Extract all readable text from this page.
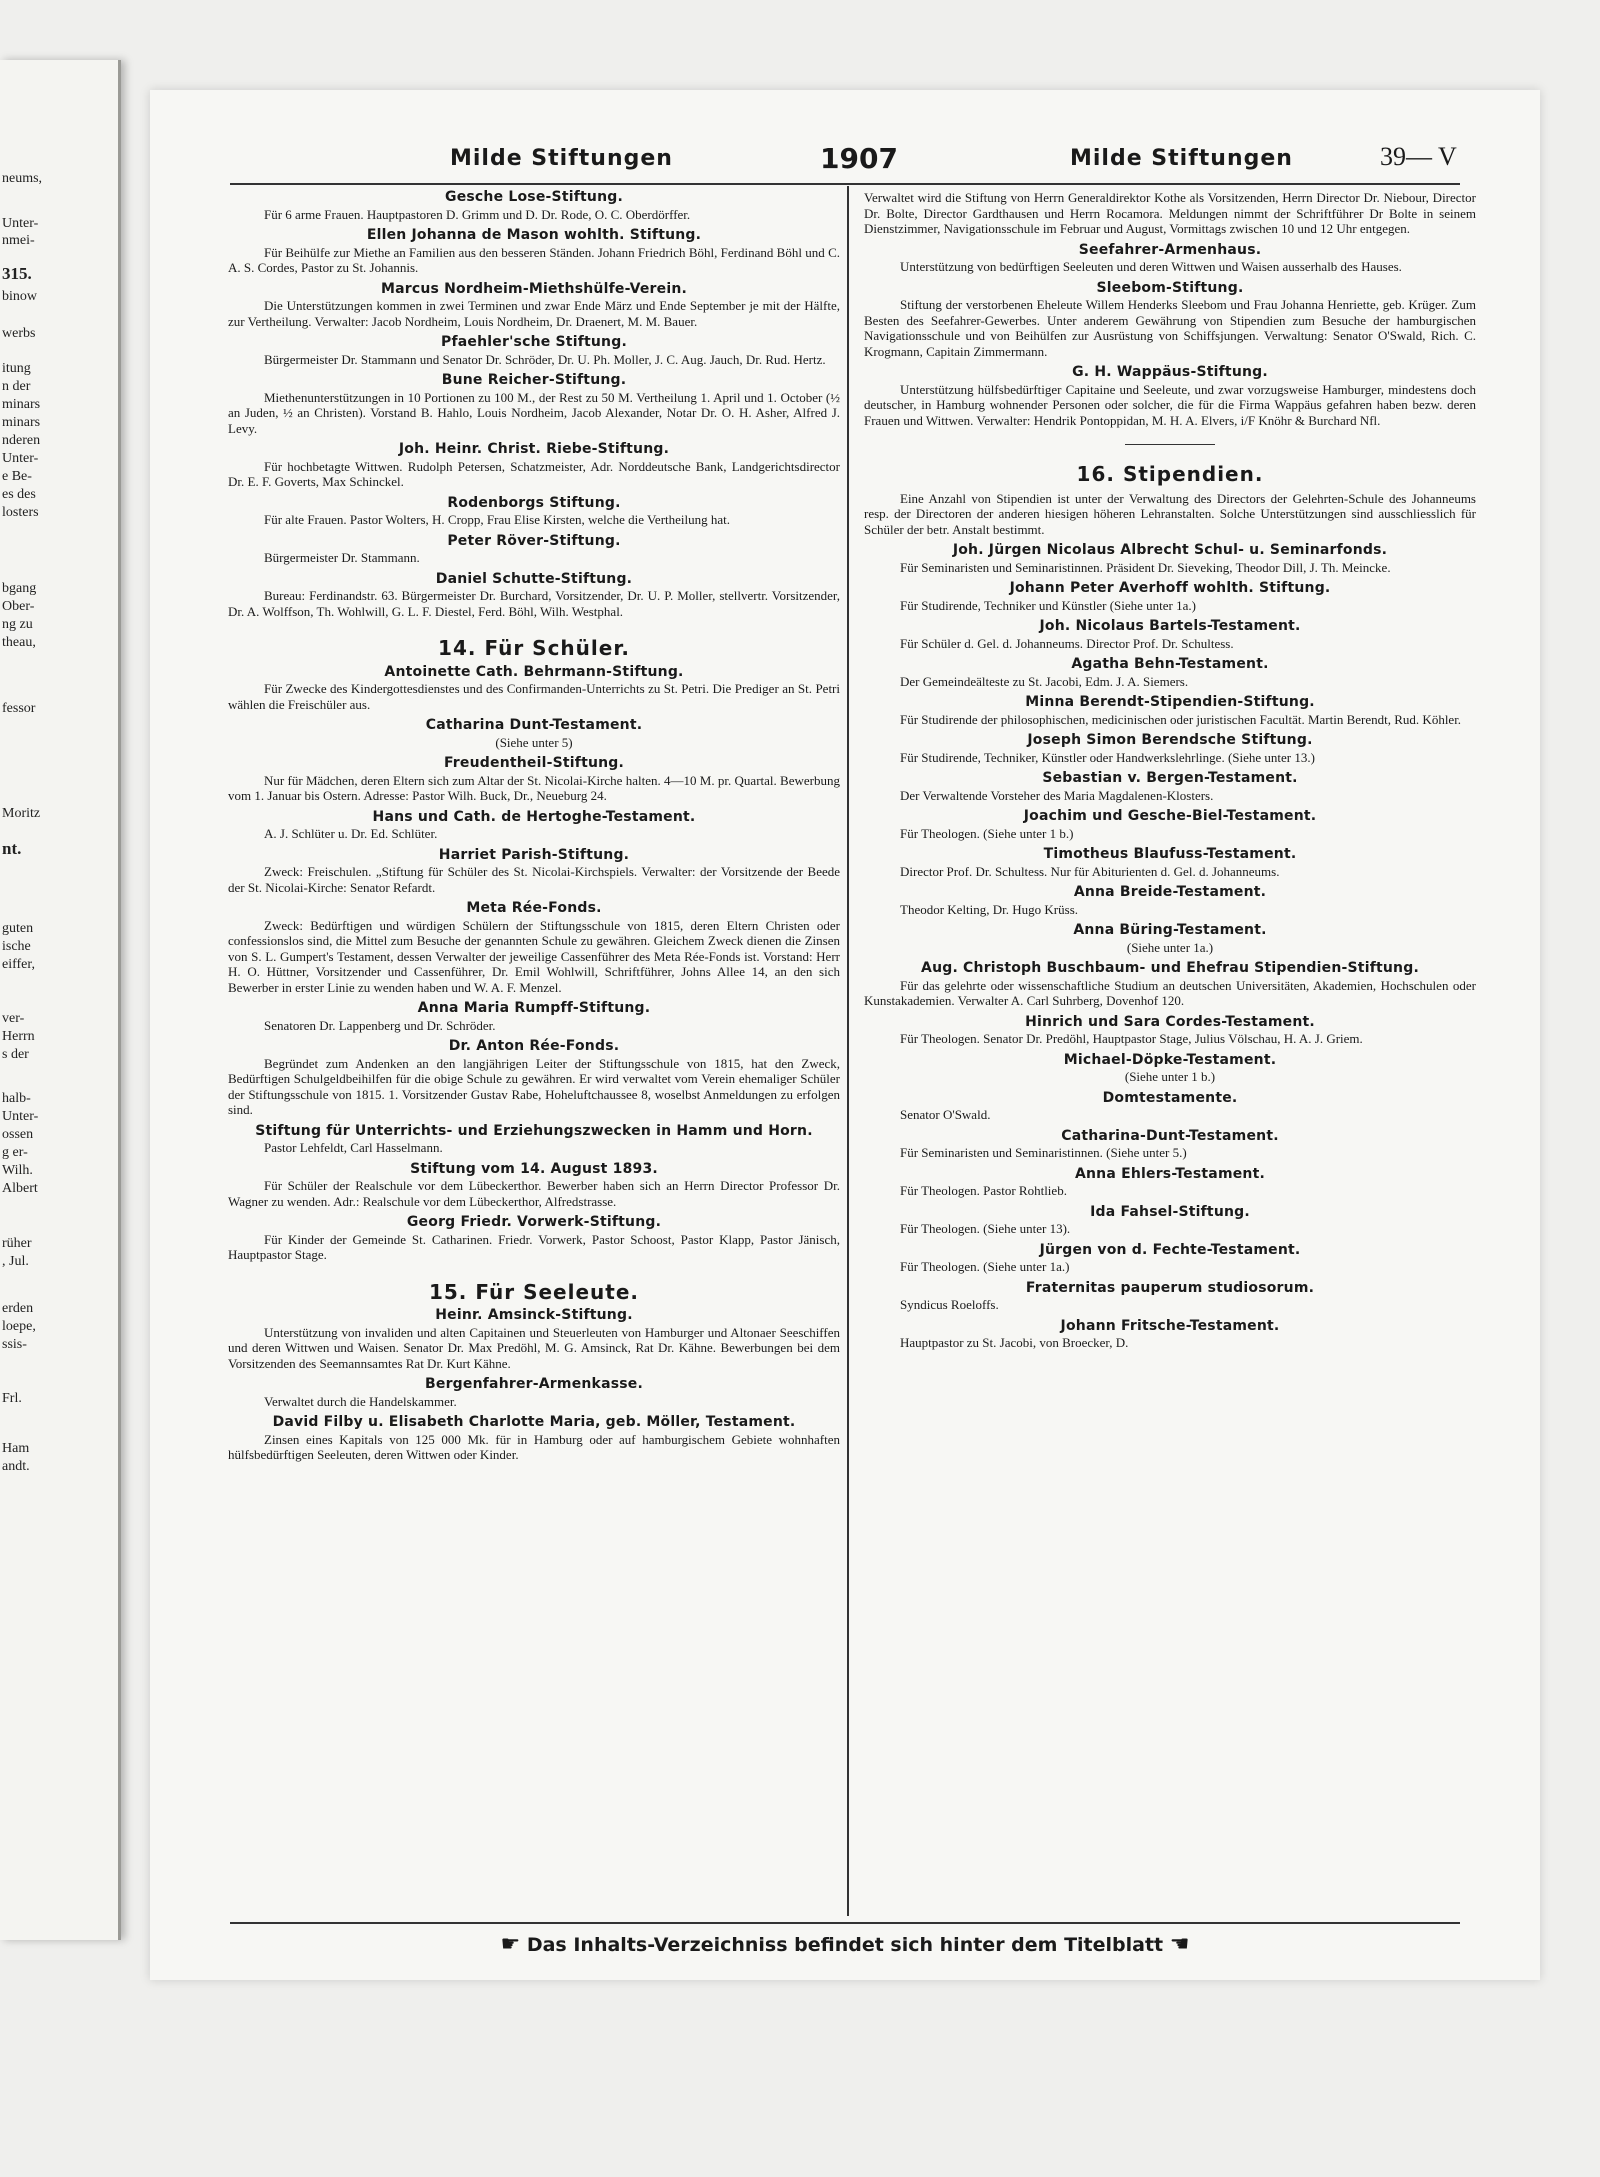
neums,
Unter-
nmei-
315.
binow
werbs
itung
n der
minars
minars
nderen
Unter-
e Be-
es des
losters
bgang
Ober-
ng zu
theau,
fessor
Moritz
nt.
guten
ische
eiffer,
ver-
Herrn
s der
halb-
Unter-
ossen
g er-
Wilh.
Albert
rüher
, Jul.
erden
loepe,
ssis-
Frl.
Ham
andt.
Milde Stiftungen	1907	Milde Stiftungen	39— V
Gesche Lose-Stiftung.

Für 6 arme Frauen. Hauptpastoren D. Grimm und D. Dr. Rode, O. C. Oberdörffer.

Ellen Johanna de Mason wohlth. Stiftung.

Für Beihülfe zur Miethe an Familien aus den besseren Ständen. Johann Friedrich Böhl, Ferdinand Böhl und C. A. S. Cordes, Pastor zu St. Johannis.

Marcus Nordheim-Miethshülfe-Verein.

Die Unterstützungen kommen in zwei Terminen und zwar Ende März und Ende September je mit der Hälfte, zur Vertheilung. Verwalter: Jacob Nordheim, Louis Nordheim, Dr. Draenert, M. M. Bauer.

Pfaehler'sche Stiftung.

Bürgermeister Dr. Stammann und Senator Dr. Schröder, Dr. U. Ph. Moller, J. C. Aug. Jauch, Dr. Rud. Hertz.

Bune Reicher-Stiftung.

Miethenunterstützungen in 10 Portionen zu 100 M., der Rest zu 50 M. Vertheilung 1. April und 1. October (½ an Juden, ½ an Christen). Vorstand B. Hahlo, Louis Nordheim, Jacob Alexander, Notar Dr. O. H. Asher, Alfred J. Levy.

Joh. Heinr. Christ. Riebe-Stiftung.

Für hochbetagte Wittwen. Rudolph Petersen, Schatzmeister, Adr. Norddeutsche Bank, Landgerichtsdirector Dr. E. F. Goverts, Max Schinckel.

Rodenborgs Stiftung.

Für alte Frauen. Pastor Wolters, H. Cropp, Frau Elise Kirsten, welche die Vertheilung hat.

Peter Röver-Stiftung.

Bürgermeister Dr. Stammann.

Daniel Schutte-Stiftung.

Bureau: Ferdinandstr. 63. Bürgermeister Dr. Burchard, Vorsitzender, Dr. U. P. Moller, stellvertr. Vorsitzender, Dr. A. Wolffson, Th. Wohlwill, G. L. F. Diestel, Ferd. Böhl, Wilh. Westphal.

14. Für Schüler.
Antoinette Cath. Behrmann-Stiftung.

Für Zwecke des Kindergottesdienstes und des Confirmanden-Unterrichts zu St. Petri. Die Prediger an St. Petri wählen die Freischüler aus.

Catharina Dunt-Testament.

(Siehe unter 5)

Freudentheil-Stiftung.

Nur für Mädchen, deren Eltern sich zum Altar der St. Nicolai-Kirche halten. 4—10 M. pr. Quartal. Bewerbung vom 1. Januar bis Ostern. Adresse: Pastor Wilh. Buck, Dr., Neueburg 24.

Hans und Cath. de Hertoghe-Testament.

A. J. Schlüter u. Dr. Ed. Schlüter.

Harriet Parish-Stiftung.

Zweck: Freischulen. „Stiftung für Schüler des St. Nicolai-Kirchspiels. Verwalter: der Vorsitzende der Beede der St. Nicolai-Kirche: Senator Refardt.

Meta Rée-Fonds.

Zweck: Bedürftigen und würdigen Schülern der Stiftungsschule von 1815, deren Eltern Christen oder confessionslos sind, die Mittel zum Besuche der genannten Schule zu gewähren. Gleichem Zweck dienen die Zinsen von S. L. Gumpert's Testament, dessen Verwalter der jeweilige Cassenführer des Meta Rée-Fonds ist. Vorstand: Herr H. O. Hüttner, Vorsitzender und Cassenführer, Dr. Emil Wohlwill, Schriftführer, Johns Allee 14, an den sich Bewerber in erster Linie zu wenden haben und W. A. F. Menzel.

Anna Maria Rumpff-Stiftung.

Senatoren Dr. Lappenberg und Dr. Schröder.

Dr. Anton Rée-Fonds.

Begründet zum Andenken an den langjährigen Leiter der Stiftungsschule von 1815, hat den Zweck, Bedürftigen Schulgeldbeihilfen für die obige Schule zu gewähren. Er wird verwaltet vom Verein ehemaliger Schüler der Stiftungsschule von 1815. 1. Vorsitzender Gustav Rabe, Hoheluftchaussee 8, woselbst Anmeldungen zu erfolgen sind.

Stiftung für Unterrichts- und Erziehungszwecken in Hamm und Horn.

Pastor Lehfeldt, Carl Hasselmann.

Stiftung vom 14. August 1893.

Für Schüler der Realschule vor dem Lübeckerthor. Bewerber haben sich an Herrn Director Professor Dr. Wagner zu wenden. Adr.: Realschule vor dem Lübeckerthor, Alfredstrasse.

Georg Friedr. Vorwerk-Stiftung.

Für Kinder der Gemeinde St. Catharinen. Friedr. Vorwerk, Pastor Schoost, Pastor Klapp, Pastor Jänisch, Hauptpastor Stage.

15. Für Seeleute.
Heinr. Amsinck-Stiftung.

Unterstützung von invaliden und alten Capitainen und Steuerleuten von Hamburger und Altonaer Seeschiffen und deren Wittwen und Waisen. Senator Dr. Max Predöhl, M. G. Amsinck, Rat Dr. Kähne. Bewerbungen bei dem Vorsitzenden des Seemannsamtes Rat Dr. Kurt Kähne.

Bergenfahrer-Armenkasse.

Verwaltet durch die Handelskammer.

David Filby u. Elisabeth Charlotte Maria, geb. Möller, Testament.

Zinsen eines Kapitals von 125 000 Mk. für in Hamburg oder auf hamburgischem Gebiete wohnhaften hülfsbedürftigen Seeleuten, deren Wittwen oder Kinder.

Verwaltet wird die Stiftung von Herrn Generaldirektor Kothe als Vorsitzenden, Herrn Director Dr. Niebour, Director Dr. Bolte, Director Gardthausen und Herrn Rocamora. Meldungen nimmt der Schriftführer Dr Bolte in seinem Dienstzimmer, Navigationsschule im Februar und August, Vormittags zwischen 10 und 12 Uhr entgegen.

Seefahrer-Armenhaus.

Unterstützung von bedürftigen Seeleuten und deren Wittwen und Waisen ausserhalb des Hauses.

Sleebom-Stiftung.

Stiftung der verstorbenen Eheleute Willem Henderks Sleebom und Frau Johanna Henriette, geb. Krüger. Zum Besten des Seefahrer-Gewerbes. Unter anderem Gewährung von Stipendien zum Besuche der hamburgischen Navigationsschule und von Beihülfen zur Ausrüstung von Schiffsjungen. Verwaltung: Senator O'Swald, Rich. C. Krogmann, Capitain Zimmermann.

G. H. Wappäus-Stiftung.

Unterstützung hülfsbedürftiger Capitaine und Seeleute, und zwar vorzugsweise Hamburger, mindestens doch deutscher, in Hamburg wohnender Personen oder solcher, die für die Firma Wappäus gefahren haben bezw. deren Frauen und Wittwen. Verwalter: Hendrik Pontoppidan, M. H. A. Elvers, i/F Knöhr & Burchard Nfl.

16. Stipendien.

Eine Anzahl von Stipendien ist unter der Verwaltung des Directors der Gelehrten-Schule des Johanneums resp. der Directoren der anderen hiesigen höheren Lehranstalten. Solche Unterstützungen sind ausschliesslich für Schüler der betr. Anstalt bestimmt.

Joh. Jürgen Nicolaus Albrecht Schul- u. Seminarfonds.

Für Seminaristen und Seminaristinnen. Präsident Dr. Sieveking, Theodor Dill, J. Th. Meincke.

Johann Peter Averhoff wohlth. Stiftung.

Für Studirende, Techniker und Künstler (Siehe unter 1a.)

Joh. Nicolaus Bartels-Testament.

Für Schüler d. Gel. d. Johanneums. Director Prof. Dr. Schultess.

Agatha Behn-Testament.

Der Gemeindeälteste zu St. Jacobi, Edm. J. A. Siemers.

Minna Berendt-Stipendien-Stiftung.

Für Studirende der philosophischen, medicinischen oder juristischen Facultät. Martin Berendt, Rud. Köhler.

Joseph Simon Berendsche Stiftung.

Für Studirende, Techniker, Künstler oder Handwerkslehrlinge. (Siehe unter 13.)

Sebastian v. Bergen-Testament.

Der Verwaltende Vorsteher des Maria Magdalenen-Klosters.

Joachim und Gesche-Biel-Testament.

Für Theologen. (Siehe unter 1 b.)

Timotheus Blaufuss-Testament.

Director Prof. Dr. Schultess. Nur für Abiturienten d. Gel. d. Johanneums.

Anna Breide-Testament.

Theodor Kelting, Dr. Hugo Krüss.

Anna Büring-Testament.

(Siehe unter 1a.)

Aug. Christoph Buschbaum- und Ehefrau Stipendien-Stiftung.

Für das gelehrte oder wissenschaftliche Studium an deutschen Universitäten, Akademien, Hochschulen oder Kunstakademien. Verwalter A. Carl Suhrberg, Dovenhof 120.

Hinrich und Sara Cordes-Testament.

Für Theologen. Senator Dr. Predöhl, Hauptpastor Stage, Julius Völschau, H. A. J. Griem.

Michael-Döpke-Testament.

(Siehe unter 1 b.)

Domtestamente.

Senator O'Swald.

Catharina-Dunt-Testament.

Für Seminaristen und Seminaristinnen. (Siehe unter 5.)

Anna Ehlers-Testament.

Für Theologen. Pastor Rohtlieb.

Ida Fahsel-Stiftung.

Für Theologen. (Siehe unter 13).

Jürgen von d. Fechte-Testament.

Für Theologen. (Siehe unter 1a.)

Fraternitas pauperum studiosorum.

Syndicus Roeloffs.

Johann Fritsche-Testament.

Hauptpastor zu St. Jacobi, von Broecker, D.

☛ Das Inhalts-Verzeichniss befindet sich hinter dem Titelblatt ☚
